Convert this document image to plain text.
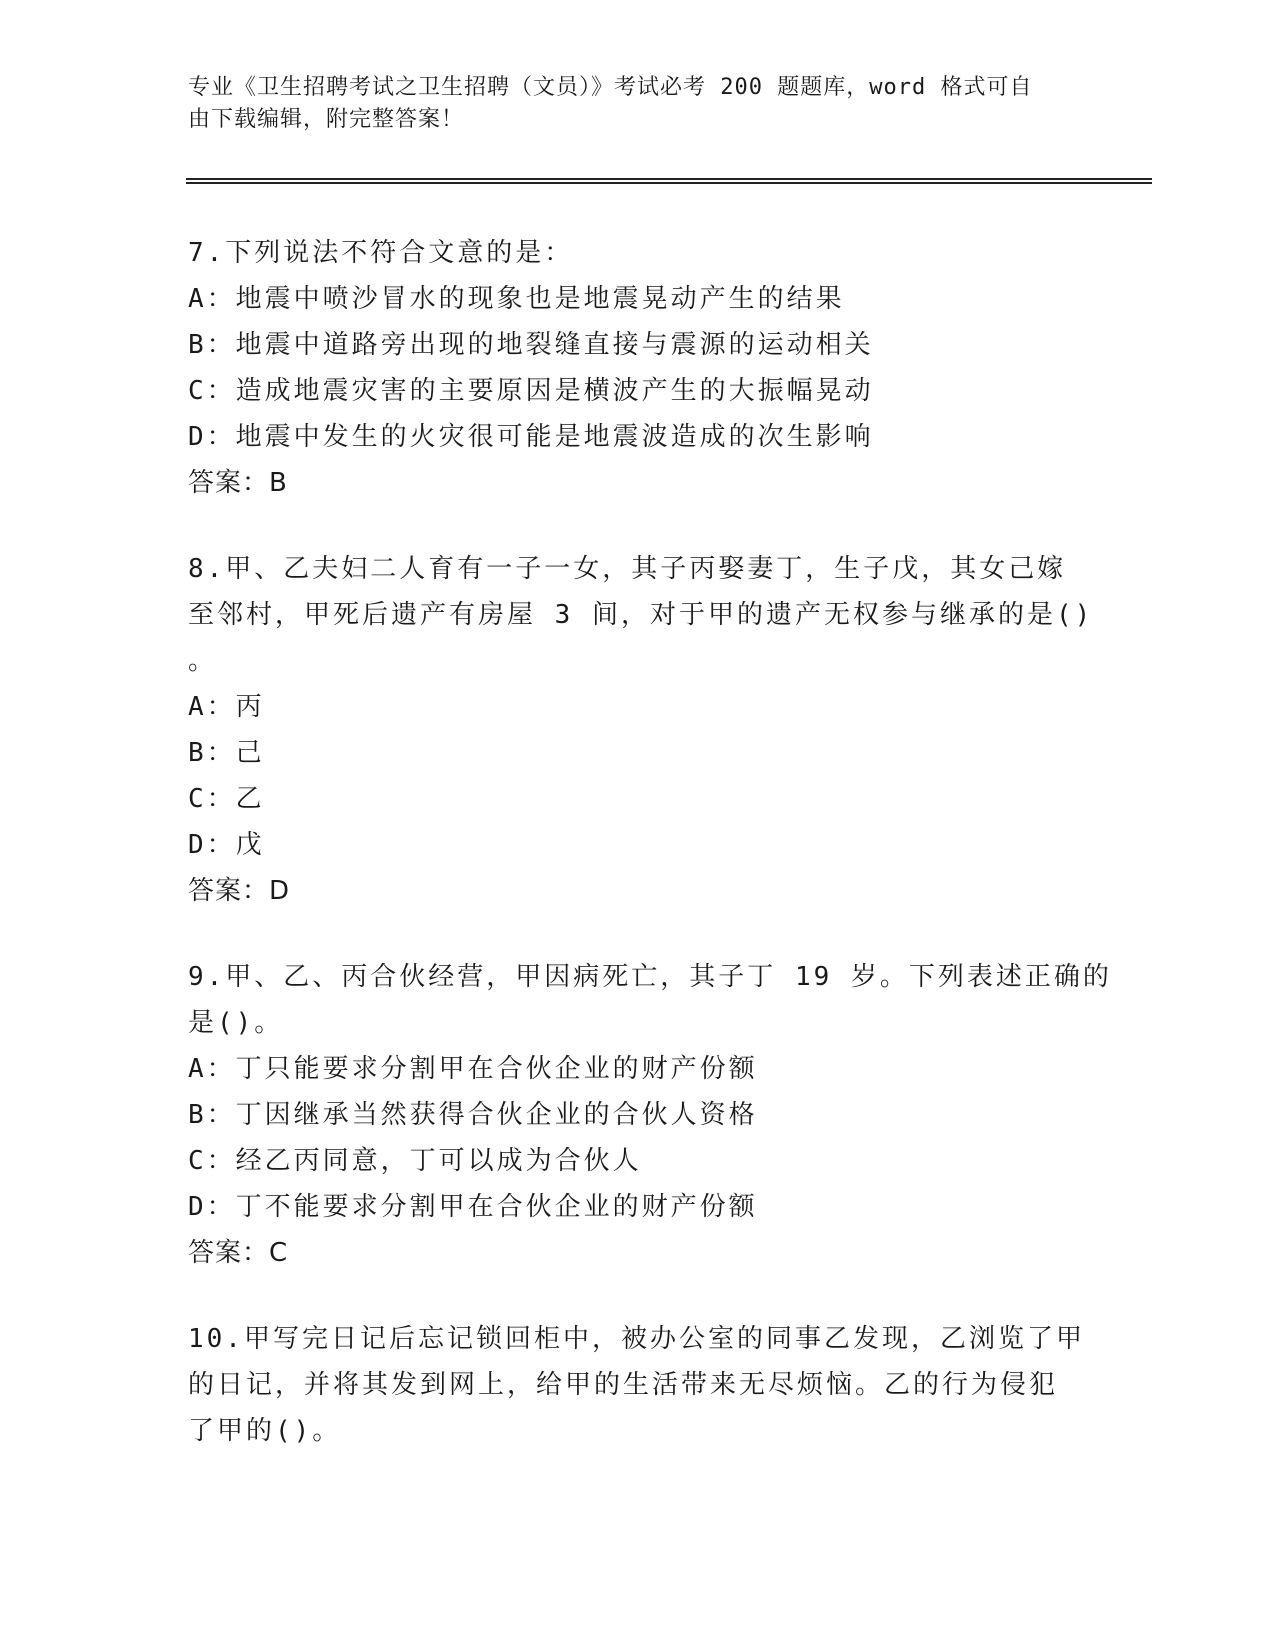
专业《卫生招聘考试之卫生招聘（文员）》考试必考 200 题题库，word 格式可自
由下载编辑，附完整答案！
7.下列说法不符合文意的是：
A：地震中喷沙冒水的现象也是地震晃动产生的结果
B：地震中道路旁出现的地裂缝直接与震源的运动相关
C：造成地震灾害的主要原因是横波产生的大振幅晃动
D：地震中发生的火灾很可能是地震波造成的次生影响
答案：B
8.甲、乙夫妇二人育有一子一女，其子丙娶妻丁，生子戊，其女己嫁
至邻村，甲死后遗产有房屋 3 间，对于甲的遗产无权参与继承的是()
。
A：丙
B：己
C：乙
D：戊
答案：D
9.甲、乙、丙合伙经营，甲因病死亡，其子丁 19 岁。下列表述正确的
是()。
A：丁只能要求分割甲在合伙企业的财产份额
B：丁因继承当然获得合伙企业的合伙人资格
C：经乙丙同意，丁可以成为合伙人
D：丁不能要求分割甲在合伙企业的财产份额
答案：C
10.甲写完日记后忘记锁回柜中，被办公室的同事乙发现，乙浏览了甲
的日记，并将其发到网上，给甲的生活带来无尽烦恼。乙的行为侵犯
了甲的()。
